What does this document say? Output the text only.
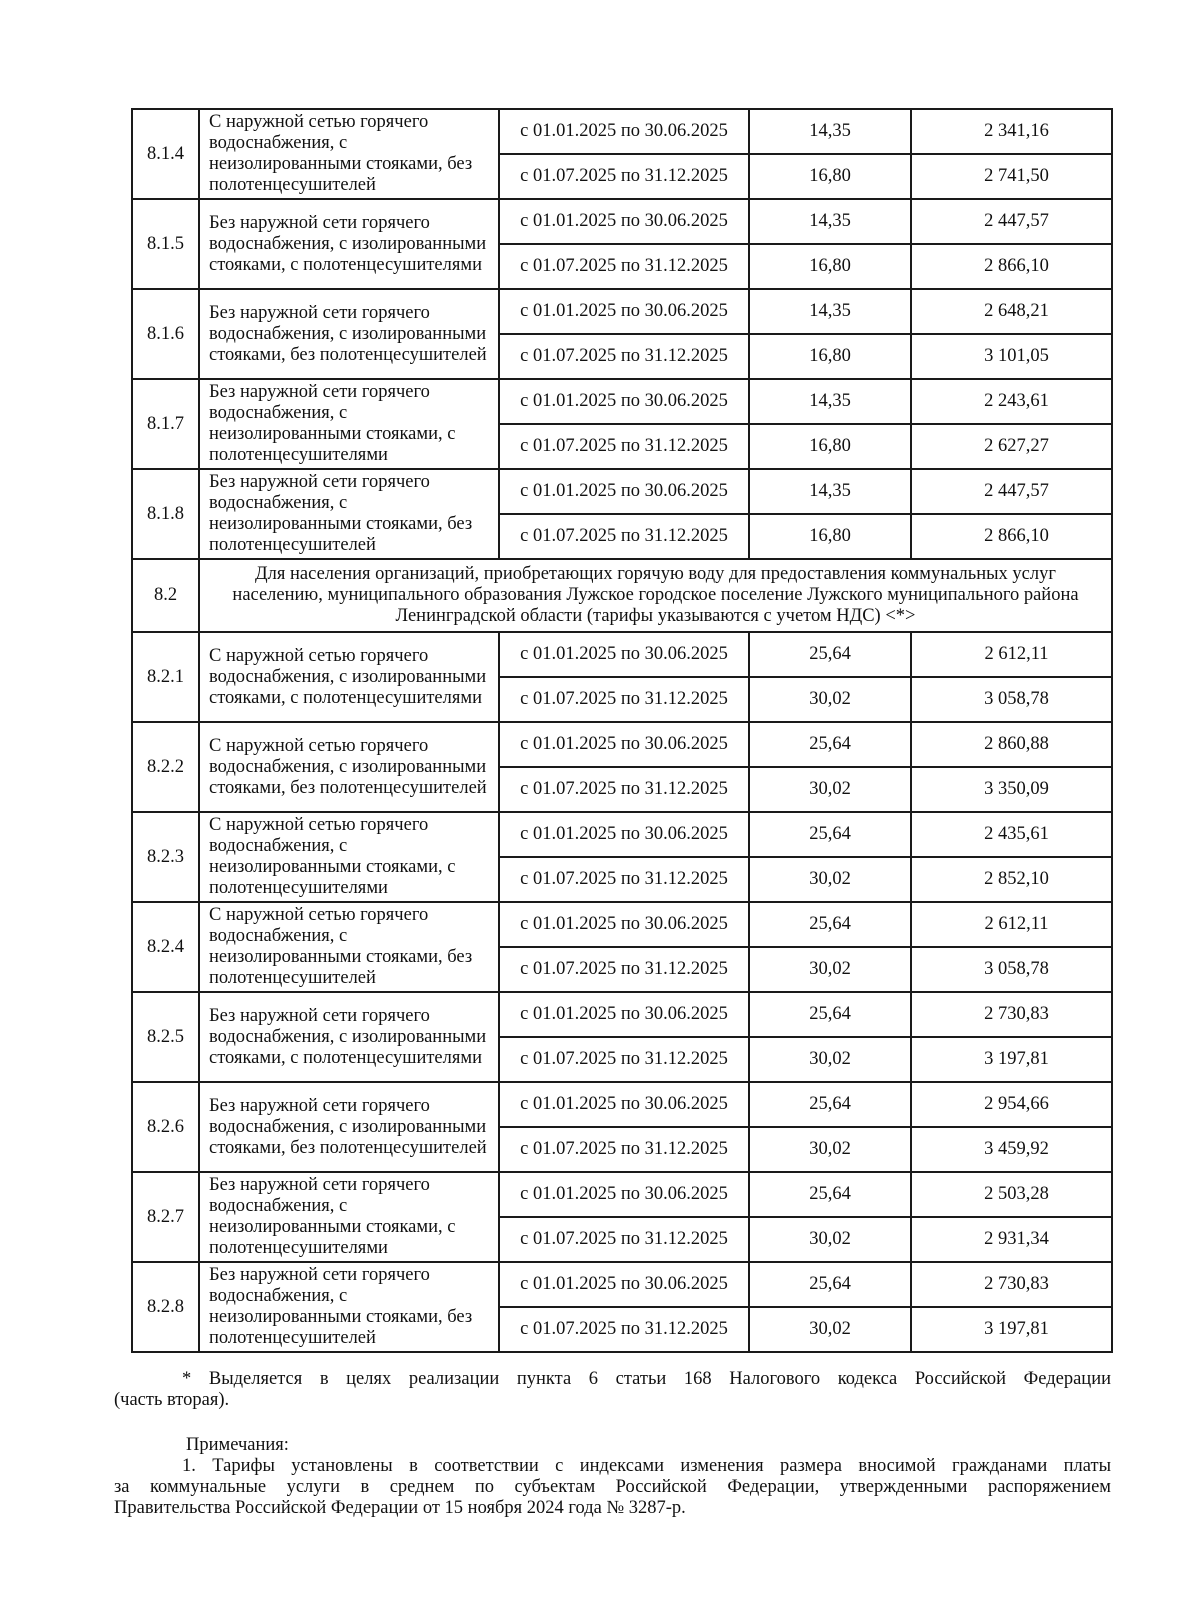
8.1.4	С наружной сетью горячего водоснабжения, с неизолированными стояками, без полотенцесушителей	с 01.01.2025 по 30.06.2025	14,35	2 341,16
		с 01.07.2025 по 31.12.2025	16,80	2 741,50
8.1.5	Без наружной сети горячего водоснабжения, с изолированными стояками, с полотенцесушителями	с 01.01.2025 по 30.06.2025	14,35	2 447,57
		с 01.07.2025 по 31.12.2025	16,80	2 866,10
8.1.6	Без наружной сети горячего водоснабжения, с изолированными стояками, без полотенцесушителей	с 01.01.2025 по 30.06.2025	14,35	2 648,21
		с 01.07.2025 по 31.12.2025	16,80	3 101,05
8.1.7	Без наружной сети горячего водоснабжения, с неизолированными стояками, с полотенцесушителями	с 01.01.2025 по 30.06.2025	14,35	2 243,61
		с 01.07.2025 по 31.12.2025	16,80	2 627,27
8.1.8	Без наружной сети горячего водоснабжения, с неизолированными стояками, без полотенцесушителей	с 01.01.2025 по 30.06.2025	14,35	2 447,57
		с 01.07.2025 по 31.12.2025	16,80	2 866,10
8.2	Для населения организаций, приобретающих горячую воду для предоставления коммунальных услуг населению, муниципального образования Лужское городское поселение Лужского муниципального района Ленинградской области (тарифы указываются с учетом НДС) <*>			
8.2.1	С наружной сетью горячего водоснабжения, с изолированными стояками, с полотенцесушителями	с 01.01.2025 по 30.06.2025	25,64	2 612,11
		с 01.07.2025 по 31.12.2025	30,02	3 058,78
8.2.2	С наружной сетью горячего водоснабжения, с изолированными стояками, без полотенцесушителей	с 01.01.2025 по 30.06.2025	25,64	2 860,88
		с 01.07.2025 по 31.12.2025	30,02	3 350,09
8.2.3	С наружной сетью горячего водоснабжения, с неизолированными стояками, с полотенцесушителями	с 01.01.2025 по 30.06.2025	25,64	2 435,61
		с 01.07.2025 по 31.12.2025	30,02	2 852,10
8.2.4	С наружной сетью горячего водоснабжения, с неизолированными стояками, без полотенцесушителей	с 01.01.2025 по 30.06.2025	25,64	2 612,11
		с 01.07.2025 по 31.12.2025	30,02	3 058,78
8.2.5	Без наружной сети горячего водоснабжения, с изолированными стояками, с полотенцесушителями	с 01.01.2025 по 30.06.2025	25,64	2 730,83
		с 01.07.2025 по 31.12.2025	30,02	3 197,81
8.2.6	Без наружной сети горячего водоснабжения, с изолированными стояками, без полотенцесушителей	с 01.01.2025 по 30.06.2025	25,64	2 954,66
		с 01.07.2025 по 31.12.2025	30,02	3 459,92
8.2.7	Без наружной сети горячего водоснабжения, с неизолированными стояками, с полотенцесушителями	с 01.01.2025 по 30.06.2025	25,64	2 503,28
		с 01.07.2025 по 31.12.2025	30,02	2 931,34
8.2.8	Без наружной сети горячего водоснабжения, с неизолированными стояками, без полотенцесушителей	с 01.01.2025 по 30.06.2025	25,64	2 730,83
		с 01.07.2025 по 31.12.2025	30,02	3 197,81
* Выделяется в целях реализации пункта 6 статьи 168 Налогового кодекса Российской Федерации
(часть вторая).
Примечания:
1. Тарифы установлены в соответствии с индексами изменения размера вносимой гражданами платы
за коммунальные услуги в среднем по субъектам Российской Федерации, утвержденными распоряжением
Правительства Российской Федерации от 15 ноября 2024 года № 3287-р.
